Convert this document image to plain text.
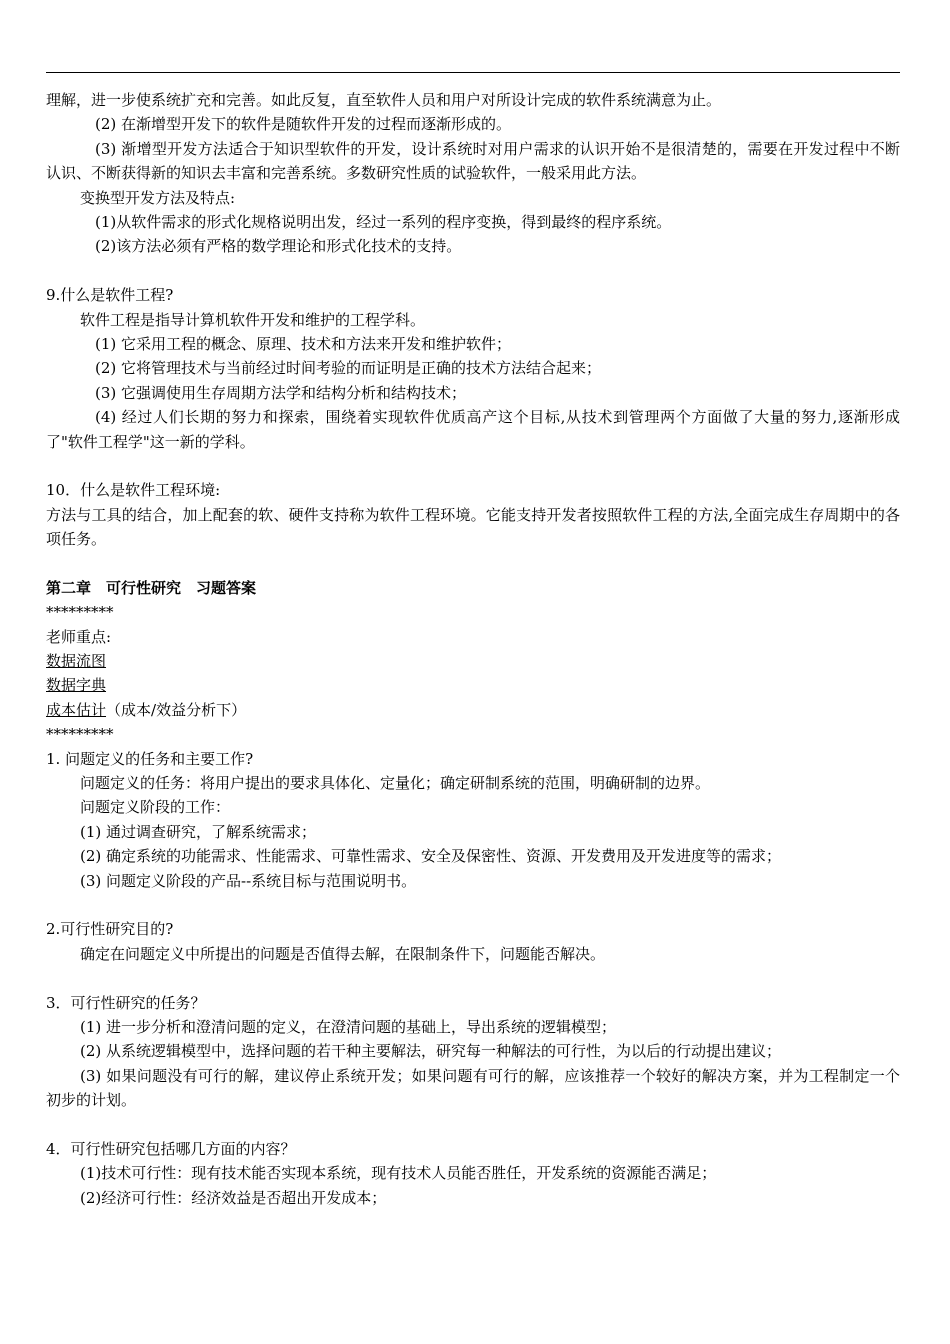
理解，进一步使系统扩充和完善。如此反复，直至软件人员和用户对所设计完成的软件系统满意为止。
(2) 在渐增型开发下的软件是随软件开发的过程而逐渐形成的。
(3) 渐增型开发方法适合于知识型软件的开发，设计系统时对用户需求的认识开始不是很清楚的，需要在开发过程中不断认识、不断获得新的知识去丰富和完善系统。多数研究性质的试验软件，一般采用此方法。
变换型开发方法及特点:
(1)从软件需求的形式化规格说明出发，经过一系列的程序变换，得到最终的程序系统。
(2)该方法必须有严格的数学理论和形式化技术的支持。
9.什么是软件工程?
软件工程是指导计算机软件开发和维护的工程学科。
(1) 它采用工程的概念、原理、技术和方法来开发和维护软件；
(2) 它将管理技术与当前经过时间考验的而证明是正确的技术方法结合起来；
(3) 它强调使用生存周期方法学和结构分析和结构技术；
(4) 经过人们长期的努力和探索，围绕着实现软件优质高产这个目标,从技术到管理两个方面做了大量的努力,逐渐形成了"软件工程学"这一新的学科。
10．什么是软件工程环境:
方法与工具的结合，加上配套的软、硬件支持称为软件工程环境。它能支持开发者按照软件工程的方法,全面完成生存周期中的各项任务。
第二章　可行性研究　习题答案
*********
老师重点:
数据流图
数据字典
成本估计（成本/效益分析下）
*********
1. 问题定义的任务和主要工作?
问题定义的任务：将用户提出的要求具体化、定量化；确定研制系统的范围，明确研制的边界。
问题定义阶段的工作：
(1) 通过调查研究，了解系统需求；
(2) 确定系统的功能需求、性能需求、可靠性需求、安全及保密性、资源、开发费用及开发进度等的需求；
(3) 问题定义阶段的产品--系统目标与范围说明书。
2.可行性研究目的?
确定在问题定义中所提出的问题是否值得去解，在限制条件下，问题能否解决。
3．可行性研究的任务？
(1) 进一步分析和澄清问题的定义，在澄清问题的基础上，导出系统的逻辑模型；
(2) 从系统逻辑模型中，选择问题的若干种主要解法，研究每一种解法的可行性，为以后的行动提出建议；
(3) 如果问题没有可行的解，建议停止系统开发；如果问题有可行的解，应该推荐一个较好的解决方案，并为工程制定一个初步的计划。
4．可行性研究包括哪几方面的内容？
(1)技术可行性：现有技术能否实现本系统，现有技术人员能否胜任，开发系统的资源能否满足；
(2)经济可行性：经济效益是否超出开发成本；
